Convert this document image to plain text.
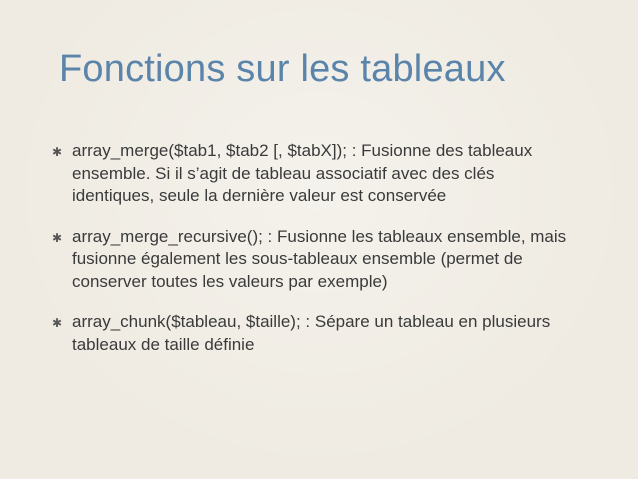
Fonctions sur les tableaux
✱ array_merge($tab1, $tab2 [, $tabX]); : Fusionne des tableaux ensemble. Si il s’agit de tableau associatif avec des clés identiques, seule la dernière valeur est conservée
✱ array_merge_recursive(); : Fusionne les tableaux ensemble, mais fusionne également les sous-tableaux ensemble (permet de conserver toutes les valeurs par exemple)
✱ array_chunk($tableau, $taille); : Sépare un tableau en plusieurs tableaux de taille définie
